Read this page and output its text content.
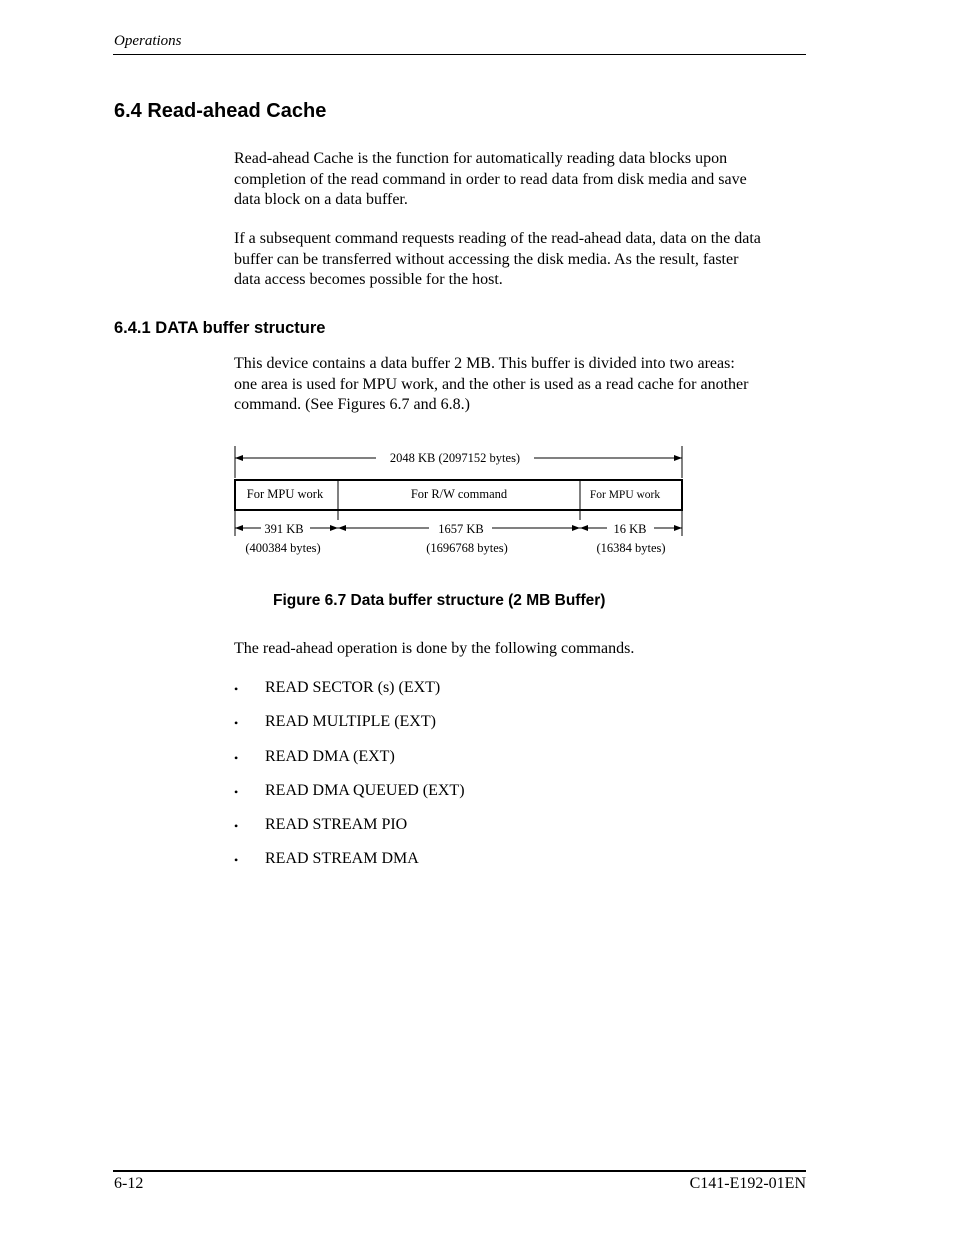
Operations
6.4 Read-ahead Cache

Read-ahead Cache is the function for automatically reading data blocks upon
completion of the read command in order to read data from disk media and save
data block on a data buffer.

If a subsequent command requests reading of the read-ahead data, data on the data
buffer can be transferred without accessing the disk media. As the result, faster
data access becomes possible for the host.

6.4.1 DATA buffer structure

This device contains a data buffer 2 MB. This buffer is divided into two areas:
one area is used for MPU work, and the other is used as a read cache for another
command. (See Figures 6.7 and 6.8.)

2048 KB (2097152 bytes)
For MPU work	For R/W command	For MPU work
391 KB
(400384 bytes)
1657 KB
(1696768 bytes)
16 KB
(16384 bytes)
Figure 6.7 Data buffer structure (2 MB Buffer)

The read-ahead operation is done by the following commands.

• READ SECTOR (s) (EXT)
• READ MULTIPLE (EXT)
• READ DMA (EXT)
• READ DMA QUEUED (EXT)
• READ STREAM PIO
• READ STREAM DMA
6-12	C141-E192-01EN
